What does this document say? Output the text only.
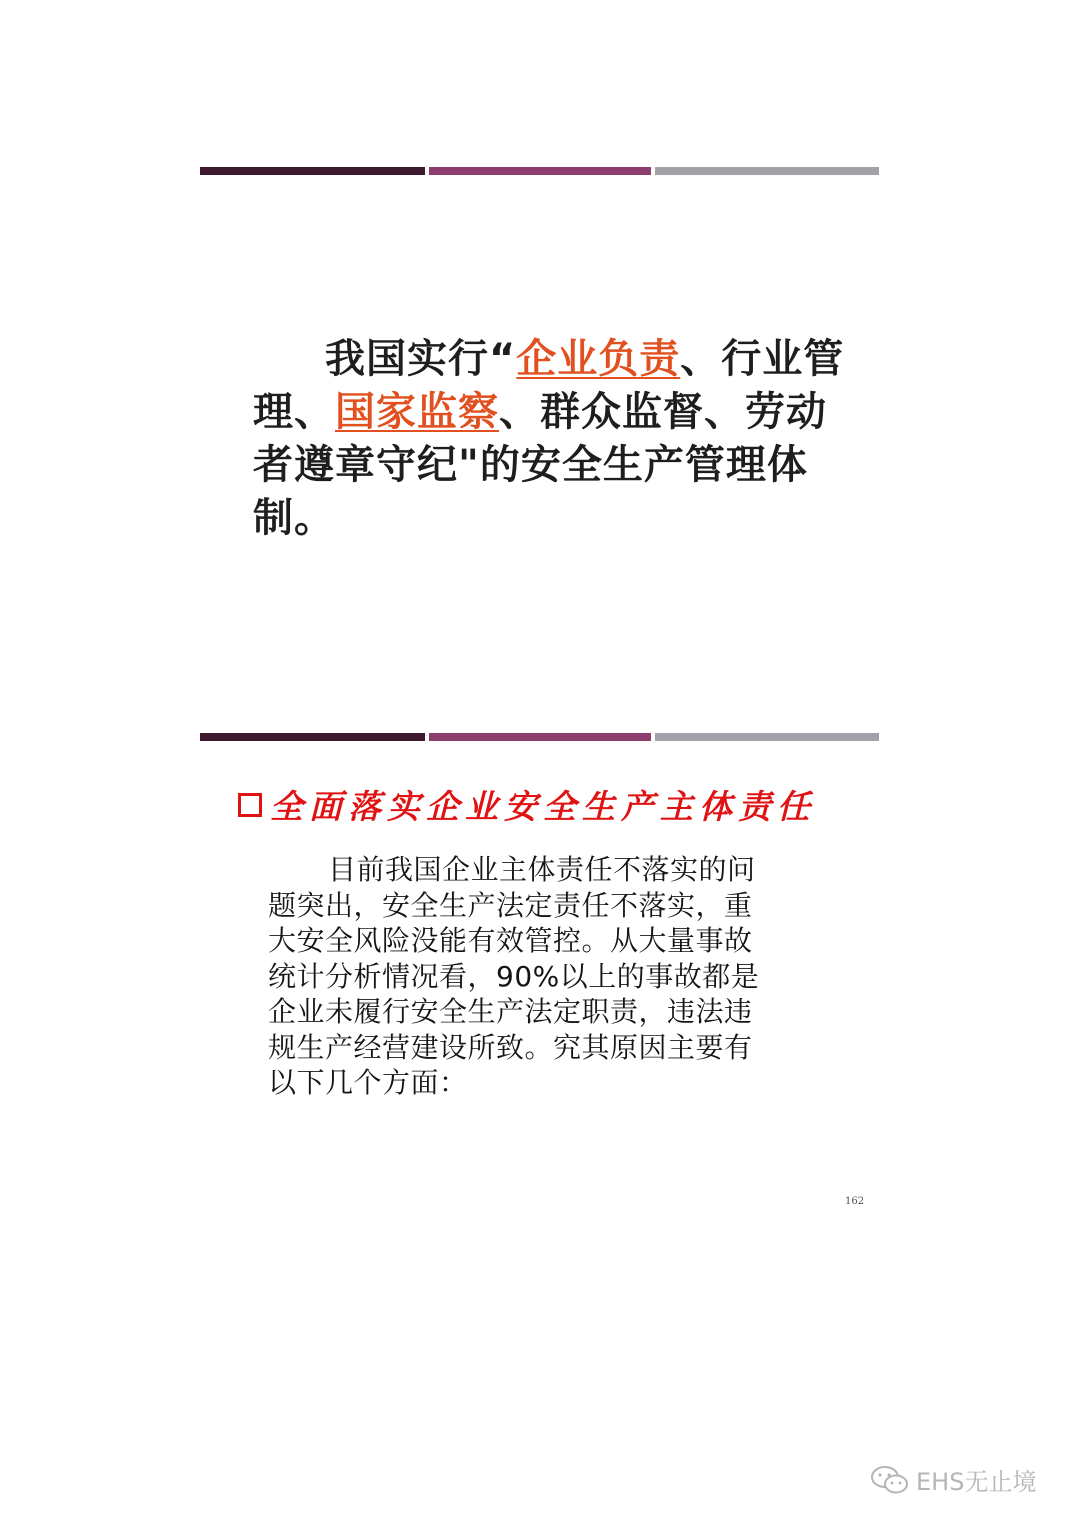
我国实行“企业负责、行业管理、国家监察、群众监督、劳动者遵章守纪"的安全生产管理体制。
全面落实企业安全生产主体责任
目前我国企业主体责任不落实的问题突出，安全生产法定责任不落实，重大安全风险没能有效管控。从大量事故统计分析情况看，90%以上的事故都是企业未履行安全生产法定职责，违法违规生产经营建设所致。究其原因主要有以下几个方面：
162
EHS无止境
